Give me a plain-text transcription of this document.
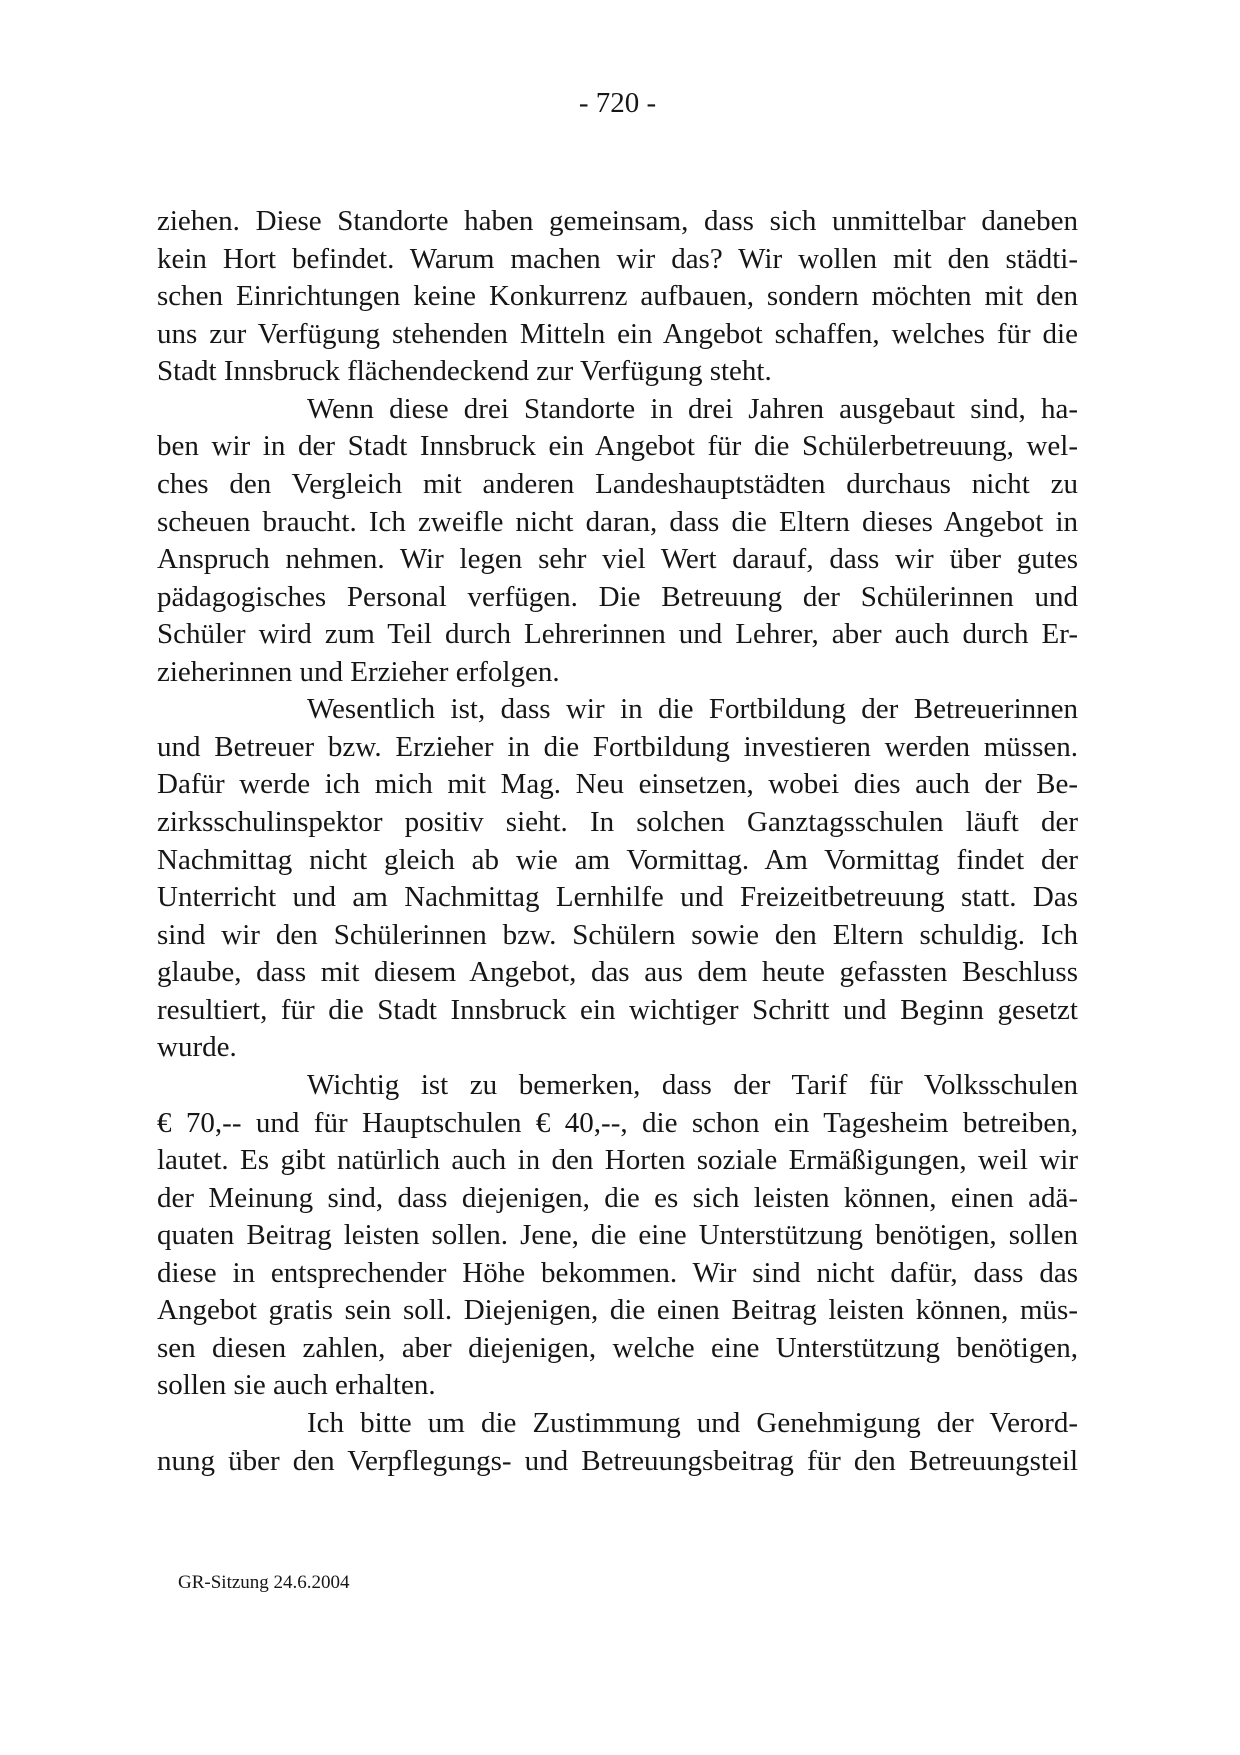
- 720 -
ziehen. Diese Standorte haben gemeinsam, dass sich unmittelbar daneben
kein Hort befindet. Warum machen wir das? Wir wollen mit den städti-
schen Einrichtungen keine Konkurrenz aufbauen, sondern möchten mit den
uns zur Verfügung stehenden Mitteln ein Angebot schaffen, welches für die
Stadt Innsbruck flächendeckend zur Verfügung steht.
Wenn diese drei Standorte in drei Jahren ausgebaut sind, ha-
ben wir in der Stadt Innsbruck ein Angebot für die Schülerbetreuung, wel-
ches den Vergleich mit anderen Landeshauptstädten durchaus nicht zu
scheuen braucht. Ich zweifle nicht daran, dass die Eltern dieses Angebot in
Anspruch nehmen. Wir legen sehr viel Wert darauf, dass wir über gutes
pädagogisches Personal verfügen. Die Betreuung der Schülerinnen und
Schüler wird zum Teil durch Lehrerinnen und Lehrer, aber auch durch Er-
zieherinnen und Erzieher erfolgen.
Wesentlich ist, dass wir in die Fortbildung der Betreuerinnen
und Betreuer bzw. Erzieher in die Fortbildung investieren werden müssen.
Dafür werde ich mich mit Mag. Neu einsetzen, wobei dies auch der Be-
zirksschulinspektor positiv sieht. In solchen Ganztagsschulen läuft der
Nachmittag nicht gleich ab wie am Vormittag. Am Vormittag findet der
Unterricht und am Nachmittag Lernhilfe und Freizeitbetreuung statt. Das
sind wir den Schülerinnen bzw. Schülern sowie den Eltern schuldig. Ich
glaube, dass mit diesem Angebot, das aus dem heute gefassten Beschluss
resultiert, für die Stadt Innsbruck ein wichtiger Schritt und Beginn gesetzt
wurde.
Wichtig ist zu bemerken, dass der Tarif für Volksschulen
€ 70,-- und für Hauptschulen € 40,--, die schon ein Tagesheim betreiben,
lautet. Es gibt natürlich auch in den Horten soziale Ermäßigungen, weil wir
der Meinung sind, dass diejenigen, die es sich leisten können, einen adä-
quaten Beitrag leisten sollen. Jene, die eine Unterstützung benötigen, sollen
diese in entsprechender Höhe bekommen. Wir sind nicht dafür, dass das
Angebot gratis sein soll. Diejenigen, die einen Beitrag leisten können, müs-
sen diesen zahlen, aber diejenigen, welche eine Unterstützung benötigen,
sollen sie auch erhalten.
Ich bitte um die Zustimmung und Genehmigung der Verord-
nung über den Verpflegungs- und Betreuungsbeitrag für den Betreuungsteil
GR-Sitzung 24.6.2004
